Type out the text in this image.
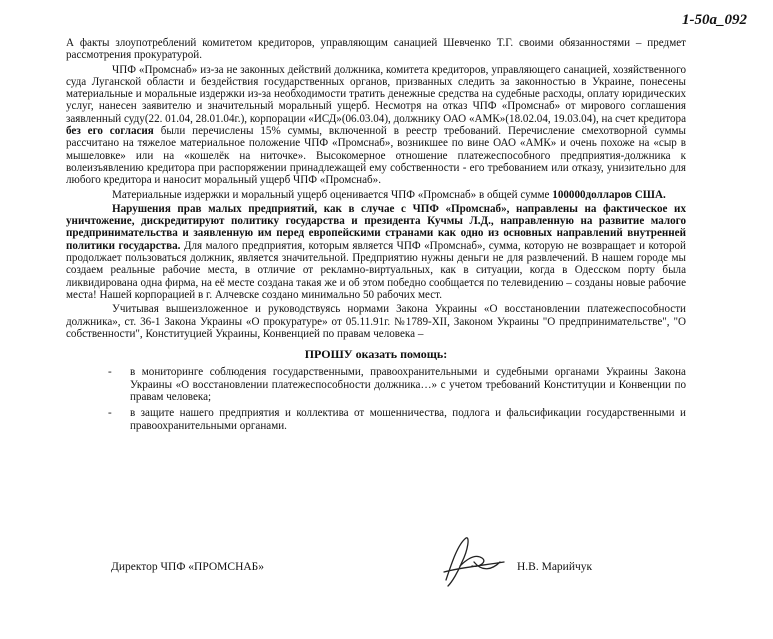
1-50а_092

А факты злоупотреблений комитетом кредиторов, управляющим санацией Шевченко Т.Г. своими обязанностями – предмет рассмотрения прокуратурой.

ЧПФ «Промснаб» из-за не законных действий должника, комитета кредиторов, управляющего санацией, хозяйственного суда Луганской области и бездействия государственных органов, призванных следить за законностью в Украине, понесены материальные и моральные издержки из-за необходимости тратить денежные средства на судебные расходы, оплату юридических услуг, нанесен заявителю и значительный моральный ущерб. Несмотря на отказ ЧПФ «Промснаб» от мирового соглашения заявленный суду(22. 01.04, 28.01.04г.), корпорации «ИСД»(06.03.04), должнику ОАО «АМК»(18.02.04, 19.03.04), на счет кредитора без его согласия были перечислены 15% суммы, включенной в реестр требований. Перечисление смехотворной суммы рассчитано на тяжелое материальное положение ЧПФ «Промснаб», возникшее по вине ОАО «АМК» и очень похоже на «сыр в мышеловке» или на «кошелёк на ниточке». Высокомерное отношение платежеспособного предприятия-должника к волеизъявлению кредитора при распоряжении принадлежащей ему собственности - его требованием или отказу, унизительно для любого кредитора и наносит моральный ущерб ЧПФ «Промснаб».

Материальные издержки и моральный ущерб оценивается ЧПФ «Промснаб» в общей сумме 100000долларов США.

Нарушения прав малых предприятий, как в случае с ЧПФ «Промснаб», направлены на фактическое их уничтожение, дискредитируют политику государства и президента Кучмы Л.Д., направленную на развитие малого предпринимательства и заявленную им перед европейскими странами как одно из основных направлений внутренней политики государства. Для малого предприятия, которым является ЧПФ «Промснаб», сумма, которую не возвращает и которой продолжает пользоваться должник, является значительной. Предприятию нужны деньги не для развлечений. В нашем городе мы создаем реальные рабочие места, в отличие от рекламно-виртуальных, как в ситуации, когда в Одесском порту была ликвидирована одна фирма, на её месте создана такая же и об этом победно сообщается по телевидению – созданы новые рабочие места! Нашей корпорацией в г. Алчевске создано минимально 50 рабочих мест.

Учитывая вышеизложенное и руководствуясь нормами Закона Украины «О восстановлении платежеспособности должника», ст. 36-1 Закона Украины «О прокуратуре» от 05.11.91г. №1789-XII, Законом Украины "О предпринимательстве", "О собственности", Конституцией Украины, Конвенцией по правам человека –

ПРОШУ оказать помощь:
- в мониторинге соблюдения государственными, правоохранительными и судебными органами Украины Закона Украины «О восстановлении платежеспособности должника…» с учетом требований Конституции и Конвенции по правам человека;
- в защите нашего предприятия и коллектива от мошенничества, подлога и фальсификации государственными и правоохранительными органами.
Директор ЧПФ «ПРОМСНАБ»	Н.В. Марийчук
